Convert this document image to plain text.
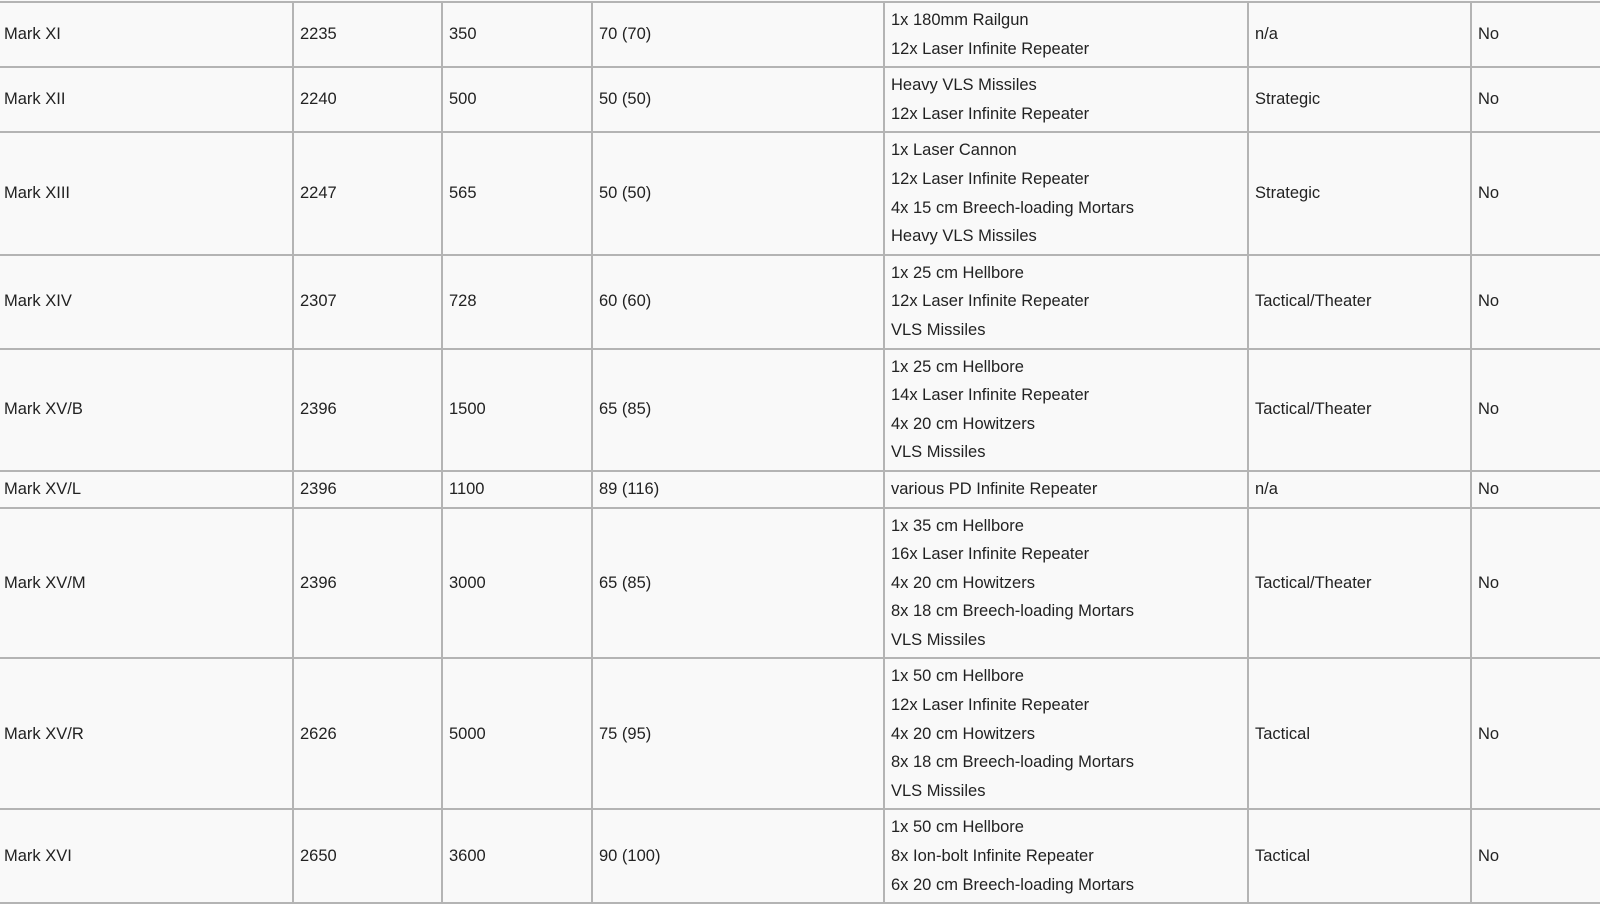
Mark XI	2235	350	70 (70)	1x 180mm Railgun
12x Laser Infinite Repeater	n/a	No
Mark XII	2240	500	50 (50)	Heavy VLS Missiles
12x Laser Infinite Repeater	Strategic	No
Mark XIII	2247	565	50 (50)	1x Laser Cannon
12x Laser Infinite Repeater
4x 15 cm Breech-loading Mortars
Heavy VLS Missiles	Strategic	No
Mark XIV	2307	728	60 (60)	1x 25 cm Hellbore
12x Laser Infinite Repeater
VLS Missiles	Tactical/Theater	No
Mark XV/B	2396	1500	65 (85)	1x 25 cm Hellbore
14x Laser Infinite Repeater
4x 20 cm Howitzers
VLS Missiles	Tactical/Theater	No
Mark XV/L	2396	1100	89 (116)	various PD Infinite Repeater	n/a	No
Mark XV/M	2396	3000	65 (85)	1x 35 cm Hellbore
16x Laser Infinite Repeater
4x 20 cm Howitzers
8x 18 cm Breech-loading Mortars
VLS Missiles	Tactical/Theater	No
Mark XV/R	2626	5000	75 (95)	1x 50 cm Hellbore
12x Laser Infinite Repeater
4x 20 cm Howitzers
8x 18 cm Breech-loading Mortars
VLS Missiles	Tactical	No
Mark XVI	2650	3600	90 (100)	1x 50 cm Hellbore
8x Ion-bolt Infinite Repeater
6x 20 cm Breech-loading Mortars	Tactical	No
